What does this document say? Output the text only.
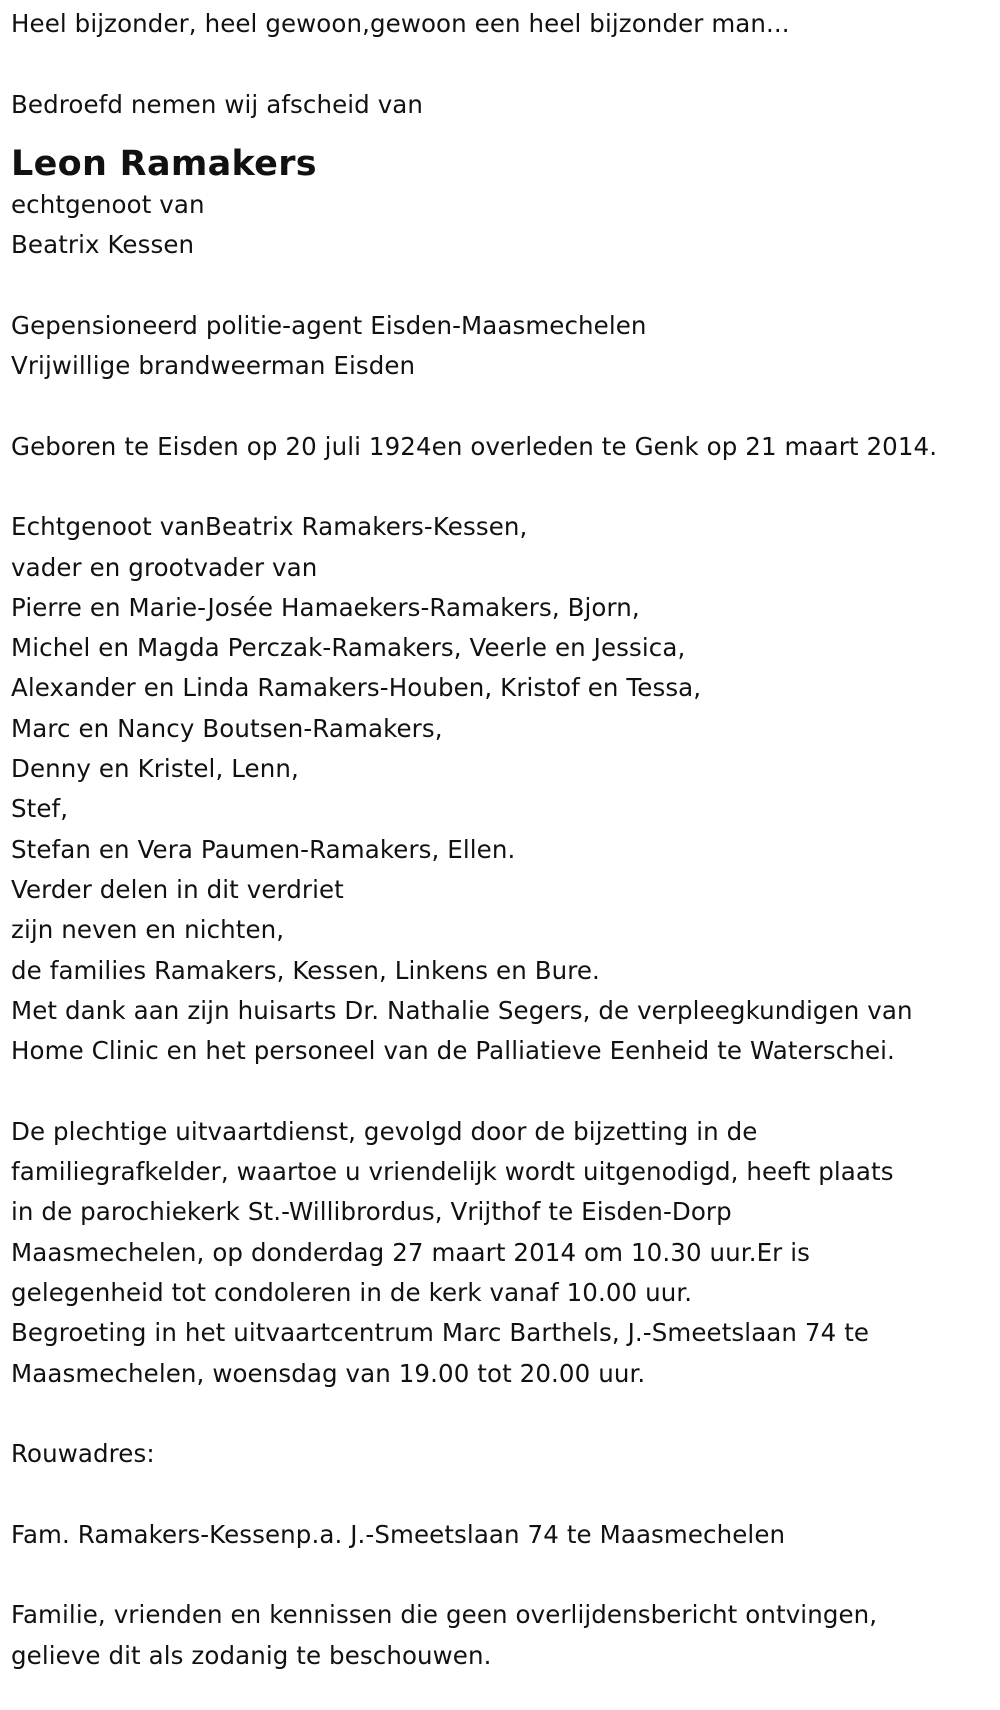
Heel bijzonder, heel gewoon,gewoon een heel bijzonder man...
Bedroefd nemen wij afscheid van
Leon Ramakers
echtgenoot van
Beatrix Kessen
Gepensioneerd politie-agent Eisden-Maasmechelen
Vrijwillige brandweerman Eisden
Geboren te Eisden op 20 juli 1924en overleden te Genk op 21 maart 2014.
Echtgenoot vanBeatrix Ramakers-Kessen,
vader en grootvader van
Pierre en Marie-Josée Hamaekers-Ramakers, Bjorn,
Michel en Magda Perczak-Ramakers, Veerle en Jessica,
Alexander en Linda Ramakers-Houben, Kristof en Tessa,
Marc en Nancy Boutsen-Ramakers,
Denny en Kristel, Lenn,
Stef,
Stefan en Vera Paumen-Ramakers, Ellen.
Verder delen in dit verdriet
zijn neven en nichten,
de families Ramakers, Kessen, Linkens en Bure.
Met dank aan zijn huisarts Dr. Nathalie Segers, de verpleegkundigen van
Home Clinic en het personeel van de Palliatieve Eenheid te Waterschei.
De plechtige uitvaartdienst, gevolgd door de bijzetting in de
familiegrafkelder, waartoe u vriendelijk wordt uitgenodigd, heeft plaats
in de parochiekerk St.-Willibrordus, Vrijthof te Eisden-Dorp
Maasmechelen, op donderdag 27 maart 2014 om 10.30 uur.Er is
gelegenheid tot condoleren in de kerk vanaf 10.00 uur.
Begroeting in het uitvaartcentrum Marc Barthels, J.-Smeetslaan 74 te
Maasmechelen, woensdag van 19.00 tot 20.00 uur.
Rouwadres:
Fam. Ramakers-Kessenp.a. J.-Smeetslaan 74 te Maasmechelen
Familie, vrienden en kennissen die geen overlijdensbericht ontvingen,
gelieve dit als zodanig te beschouwen.
